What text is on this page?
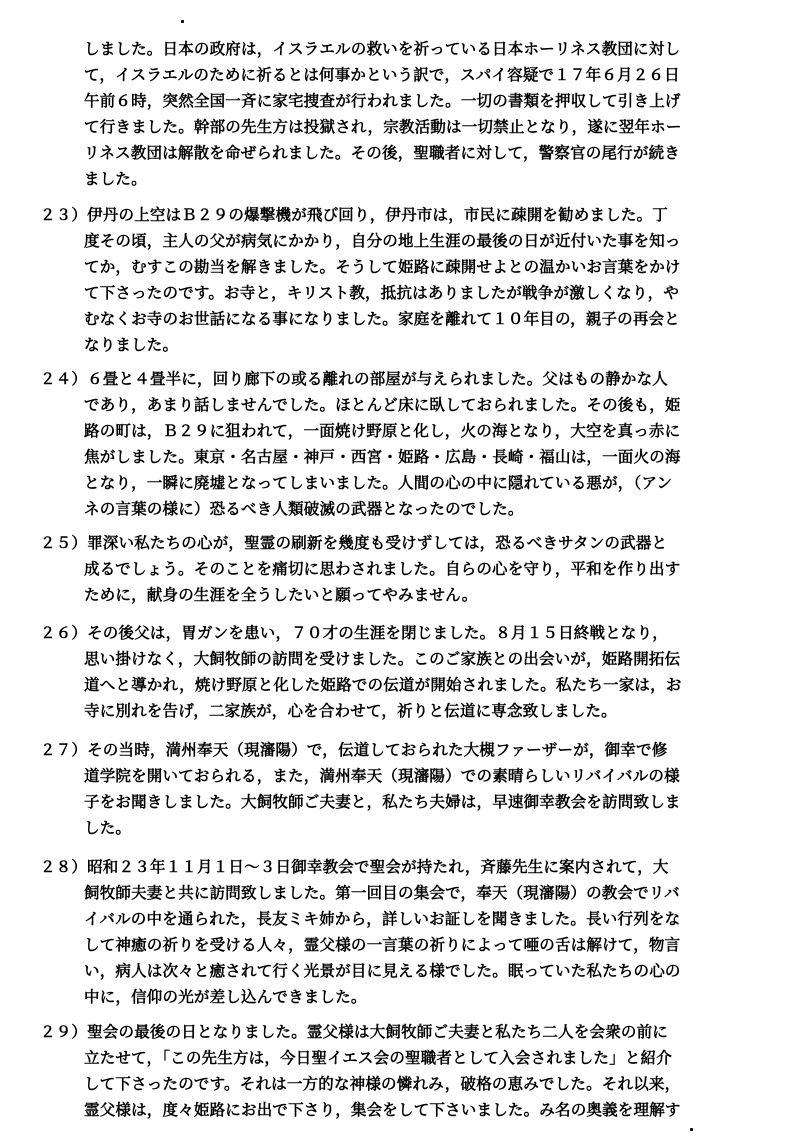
しました。日本の政府は，イスラエルの救いを祈っている日本ホーリネス教団に対し
て，イスラエルのために祈るとは何事かという訳で，スパイ容疑で１７年６月２６日
午前６時，突然全国一斉に家宅捜査が行われました。一切の書類を押収して引き上げ
て行きました。幹部の先生方は投獄され，宗教活動は一切禁止となり，遂に翌年ホー
リネス教団は解散を命ぜられました。その後，聖職者に対して，警察官の尾行が続き
ました。
２３）伊丹の上空はＢ２９の爆撃機が飛び回り，伊丹市は，市民に疎開を勧めました。丁
度その頃，主人の父が病気にかかり，自分の地上生涯の最後の日が近付いた事を知っ
てか，むすこの勘当を解きました。そうして姫路に疎開せよとの温かいお言葉をかけ
て下さったのです。お寺と，キリスト教，抵抗はありましたが戦争が激しくなり，や
むなくお寺のお世話になる事になりました。家庭を離れて１０年目の，親子の再会と
なりました。
２４）６畳と４畳半に，回り廊下の或る離れの部屋が与えられました。父はもの静かな人
であり，あまり話しませんでした。ほとんど床に臥しておられました。その後も，姫
路の町は，Ｂ２９に狙われて，一面焼け野原と化し，火の海となり，大空を真っ赤に
焦がしました。東京・名古屋・神戸・西宮・姫路・広島・長崎・福山は，一面火の海
となり，一瞬に廃墟となってしまいました。人間の心の中に隠れている悪が，（アン
ネの言葉の様に）恐るべき人類破滅の武器となったのでした。
２５）罪深い私たちの心が，聖霊の刷新を幾度も受けずしては，恐るべきサタンの武器と
成るでしょう。そのことを痛切に思わされました。自らの心を守り，平和を作り出す
ために，献身の生涯を全うしたいと願ってやみません。
２６）その後父は，胃ガンを患い，７０才の生涯を閉じました。８月１５日終戦となり，
思い掛けなく，大飼牧師の訪問を受けました。このご家族との出会いが，姫路開拓伝
道へと導かれ，焼け野原と化した姫路での伝道が開始されました。私たち一家は，お
寺に別れを告げ，二家族が，心を合わせて，祈りと伝道に専念致しました。
２７）その当時，満州奉天（現瀋陽）で，伝道しておられた大槻ファーザーが，御幸で修
道学院を開いておられる，また，満州奉天（現瀋陽）での素晴らしいリバイバルの様
子をお聞きしました。大飼牧師ご夫妻と，私たち夫婦は，早速御幸教会を訪問致しま
した。
２８）昭和２３年１１月１日～３日御幸教会で聖会が持たれ，斉藤先生に案内されて，大
飼牧師夫妻と共に訪問致しました。第一回目の集会で，奉天（現瀋陽）の教会でリバ
イバルの中を通られた，長友ミキ姉から，詳しいお証しを聞きました。長い行列をな
して神癒の祈りを受ける人々，霊父様の一言葉の祈りによって唖の舌は解けて，物言
い，病人は次々と癒されて行く光景が目に見える様でした。眠っていた私たちの心の
中に，信仰の光が差し込んできました。
２９）聖会の最後の日となりました。霊父様は大飼牧師ご夫妻と私たち二人を会衆の前に
立たせて，「この先生方は，今日聖イエス会の聖職者として入会されました」と紹介
して下さったのです。それは一方的な神様の憐れみ，破格の恵みでした。それ以来，
霊父様は，度々姫路にお出で下さり，集会をして下さいました。み名の奥義を理解す
